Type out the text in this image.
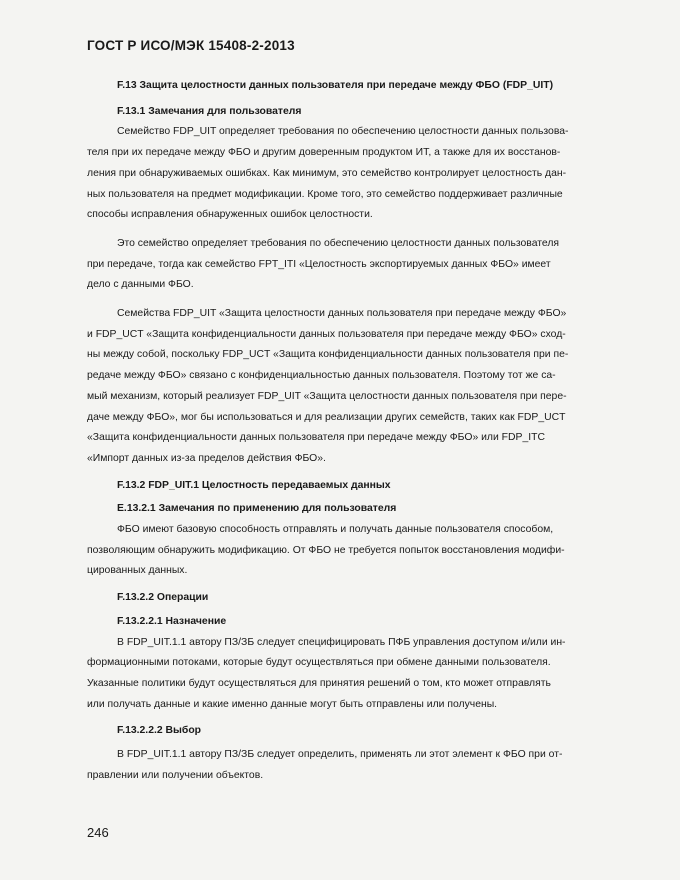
ГОСТ Р ИСО/МЭК 15408-2-2013

F.13 Защита целостности данных пользователя при передаче между ФБО (FDP_UIT)

F.13.1 Замечания для пользователя

Семейство FDP_UIT определяет требования по обеспечению целостности данных пользова-
теля при их передаче между ФБО и другим доверенным продуктом ИТ, а также для их восстанов-
ления при обнаруживаемых ошибках. Как минимум, это семейство контролирует целостность дан-
ных пользователя на предмет модификации. Кроме того, это семейство поддерживает различные
способы исправления обнаруженных ошибок целостности.
Это семейство определяет требования по обеспечению целостности данных пользователя
при передаче, тогда как семейство FPT_ITI «Целостность экспортируемых данных ФБО» имеет
дело с данными ФБО.
Семейства FDP_UIT «Защита целостности данных пользователя при передаче между ФБО»
и FDP_UCT «Защита конфиденциальности данных пользователя при передаче между ФБО» сход-
ны между собой, поскольку FDP_UCT «Защита конфиденциальности данных пользователя при пе-
редаче между ФБО» связано с конфиденциальностью данных пользователя. Поэтому тот же са-
мый механизм, который реализует FDP_UIT «Защита целостности данных пользователя при пере-
даче между ФБО», мог бы использоваться и для реализации других семейств, таких как FDP_UCT
«Защита конфиденциальности данных пользователя при передаче между ФБО» или FDP_ITC
«Импорт данных из-за пределов действия ФБО».

F.13.2 FDP_UIT.1 Целостность передаваемых данных

E.13.2.1 Замечания по применению для пользователя

ФБО имеют базовую способность отправлять и получать данные пользователя способом,
позволяющим обнаружить модификацию. От ФБО не требуется попыток восстановления модифи-
цированных данных.

F.13.2.2 Операции

F.13.2.2.1 Назначение

В FDP_UIT.1.1 автору ПЗ/ЗБ следует специфицировать ПФБ управления доступом и/или ин-
формационными потоками, которые будут осуществляться при обмене данными пользователя.
Указанные политики будут осуществляться для принятия решений о том, кто может отправлять
или получать данные и какие именно данные могут быть отправлены или получены.

F.13.2.2.2 Выбор

В FDP_UIT.1.1 автору ПЗ/ЗБ следует определить, применять ли этот элемент к ФБО при от-
правлении или получении объектов.
246
